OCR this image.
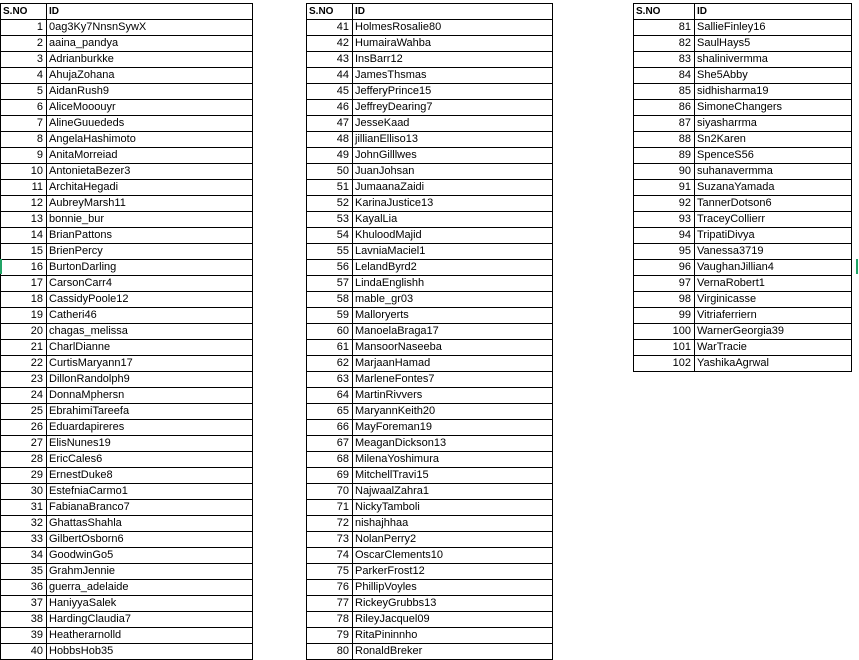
S.NO	ID
1	0ag3Ky7NnsnSywX
2	aaina_pandya
3	Adrianburkke
4	AhujaZohana
5	AidanRush9
6	AliceMooouyr
7	AlineGuuededs
8	AngelaHashimoto
9	AnitaMorreiad
10	AntonietaBezer3
11	ArchitaHegadi
12	AubreyMarsh11
13	bonnie_bur
14	BrianPattons
15	BrienPercy
16	BurtonDarling
17	CarsonCarr4
18	CassidyPoole12
19	Catheri46
20	chagas_melissa
21	CharlDianne
22	CurtisMaryann17
23	DillonRandolph9
24	DonnaMphersn
25	EbrahimiTareefa
26	Eduardapireres
27	ElisNunes19
28	EricCales6
29	ErnestDuke8
30	EstefniaCarmo1
31	FabianaBranco7
32	GhattasShahla
33	GilbertOsborn6
34	GoodwinGo5
35	GrahmJennie
36	guerra_adelaide
37	HaniyyaSalek
38	HardingClaudia7
39	Heatherarnolld
40	HobbsHob35
S.NO	ID
41	HolmesRosalie80
42	HumairaWahba
43	InsBarr12
44	JamesThsmas
45	JefferyPrince15
46	JeffreyDearing7
47	JesseKaad
48	jillianElliso13
49	JohnGilllwes
50	JuanJohsan
51	JumaanaZaidi
52	KarinaJustice13
53	KayalLia
54	KhuloodMajid
55	LavniaMaciel1
56	LelandByrd2
57	LindaEnglishh
58	mable_gr03
59	Malloryerts
60	ManoelaBraga17
61	MansoorNaseeba
62	MarjaanHamad
63	MarleneFontes7
64	MartinRivvers
65	MaryannKeith20
66	MayForeman19
67	MeaganDickson13
68	MilenaYoshimura
69	MitchellTravi15
70	NajwaalZahra1
71	NickyTamboli
72	nishajhhaa
73	NolanPerry2
74	OscarClements10
75	ParkerFrost12
76	PhillipVoyles
77	RickeyGrubbs13
78	RileyJacquel09
79	RitaPininnho
80	RonaldBreker
S.NO	ID
81	SallieFinley16
82	SaulHays5
83	shalinivermma
84	She5Abby
85	sidhisharma19
86	SimoneChangers
87	siyasharrma
88	Sn2Karen
89	SpenceS56
90	suhanavermma
91	SuzanaYamada
92	TannerDotson6
93	TraceyCollierr
94	TripatiDivya
95	Vanessa3719
96	VaughanJillian4
97	VernaRobert1
98	Virginicasse
99	Vitriaferriern
100	WarnerGeorgia39
101	WarTracie
102	YashikaAgrwal
